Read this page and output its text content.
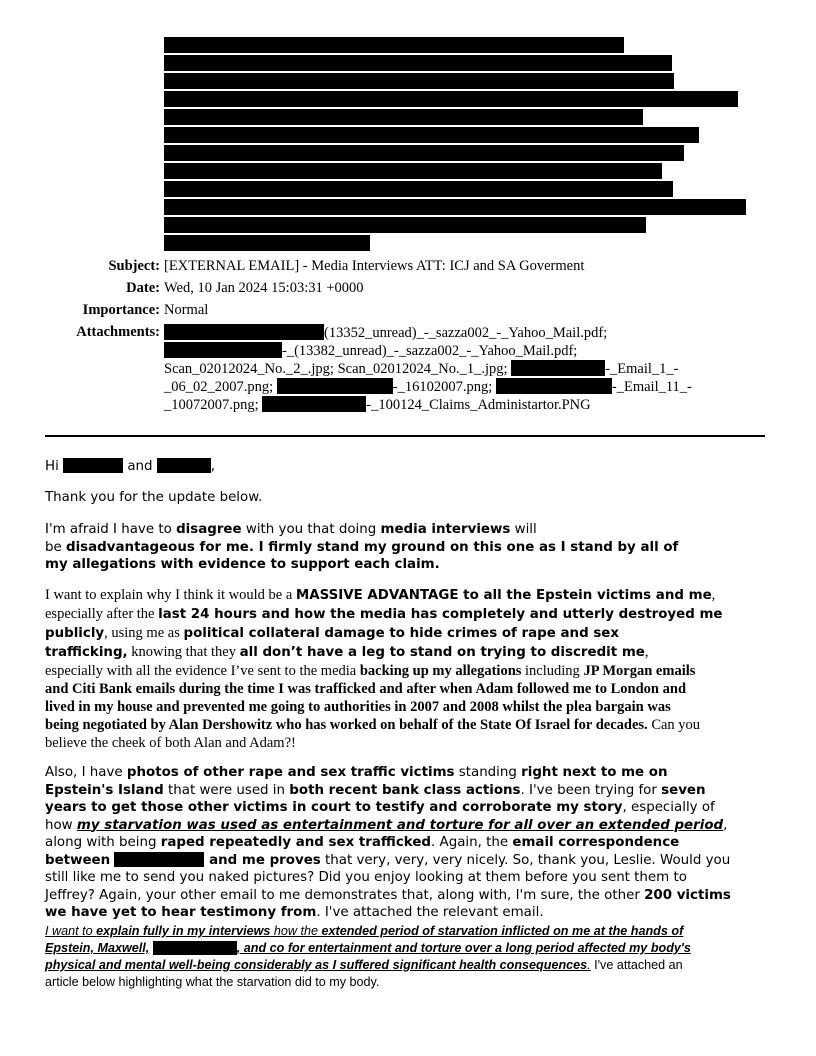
Subject: [EXTERNAL EMAIL] - Media Interviews ATT: ICJ and SA Goverment
Date: Wed, 10 Jan 2024 15:03:31 +0000
Importance: Normal
Attachments:	(13352_unread)_-_sazza002_-_Yahoo_Mail.pdf;
-_(13382_unread)_-_sazza002_-_Yahoo_Mail.pdf;
Scan_02012024_No._2_.jpg; Scan_02012024_No._1_.jpg;	-_Email_1_-
_06_02_2007.png;	-_16102007.png;	-_Email_11_-
_10072007.png;	-_100124_Claims_Administartor.PNG
Hi	and	,
Thank you for the update below.
I'm afraid I have to disagree with you that doing media interviews will
be disadvantageous for me. I firmly stand my ground on this one as I stand by all of
my allegations with evidence to support each claim.
I want to explain why I think it would be a MASSIVE ADVANTAGE to all the Epstein victims and me,
especially after the last 24 hours and how the media has completely and utterly destroyed me
publicly, using me as political collateral damage to hide crimes of rape and sex
trafficking, knowing that they all don’t have a leg to stand on trying to discredit me,
especially with all the evidence I’ve sent to the media backing up my allegations including JP Morgan emails
and Citi Bank emails during the time I was trafficked and after when Adam followed me to London and
lived in my house and prevented me going to authorities in 2007 and 2008 whilst the plea bargain was
being negotiated by Alan Dershowitz who has worked on behalf of the State Of Israel for decades. Can you
believe the cheek of both Alan and Adam?!
Also, I have photos of other rape and sex traffic victims standing right next to me on
Epstein's Island that were used in both recent bank class actions. I've been trying for seven
years to get those other victims in court to testify and corroborate my story, especially of
how my starvation was used as entertainment and torture for all over an extended period,
along with being raped repeatedly and sex trafficked. Again, the email correspondence
between	and me proves that very, very, very nicely. So, thank you, Leslie. Would you
still like me to send you naked pictures? Did you enjoy looking at them before you sent them to
Jeffrey? Again, your other email to me demonstrates that, along with, I'm sure, the other 200 victims
we have yet to hear testimony from. I've attached the relevant email.
I want to explain fully in my interviews how the extended period of starvation inflicted on me at the hands of
Epstein, Maxwell,	, and co for entertainment and torture over a long period affected my body's
physical and mental well-being considerably as I suffered significant health consequences. I've attached an
article below highlighting what the starvation did to my body.
